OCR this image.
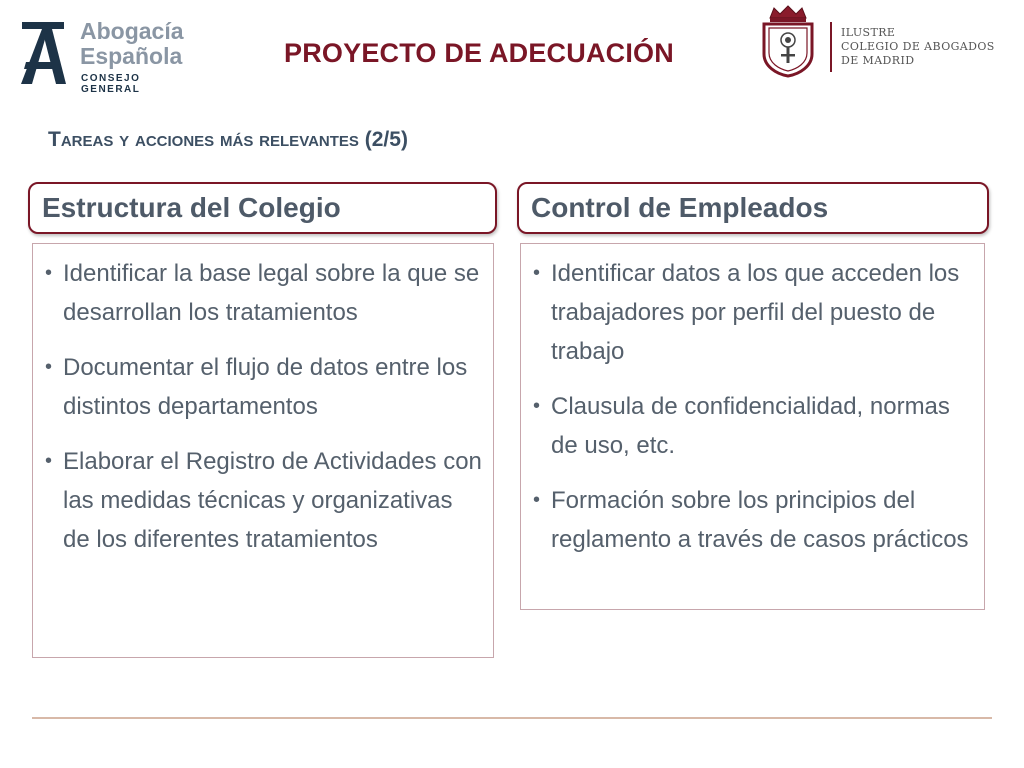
Abogacía
Española
CONSEJO GENERAL
PROYECTO DE ADECUACIÓN
ILUSTRE
COLEGIO DE ABOGADOS
DE MADRID
Tareas y acciones más relevantes (2/5)
• Identificar la base legal sobre la que se desarrollan los tratamientos
• Documentar el flujo de datos entre los distintos departamentos
• Elaborar el Registro de Actividades con las medidas técnicas y organizativas de los diferentes tratamientos
Estructura del Colegio
• Identificar datos a los que acceden los trabajadores por perfil del puesto de trabajo
• Clausula de confidencialidad, normas de uso, etc.
• Formación sobre los principios del reglamento a través de casos prácticos
Control de Empleados
